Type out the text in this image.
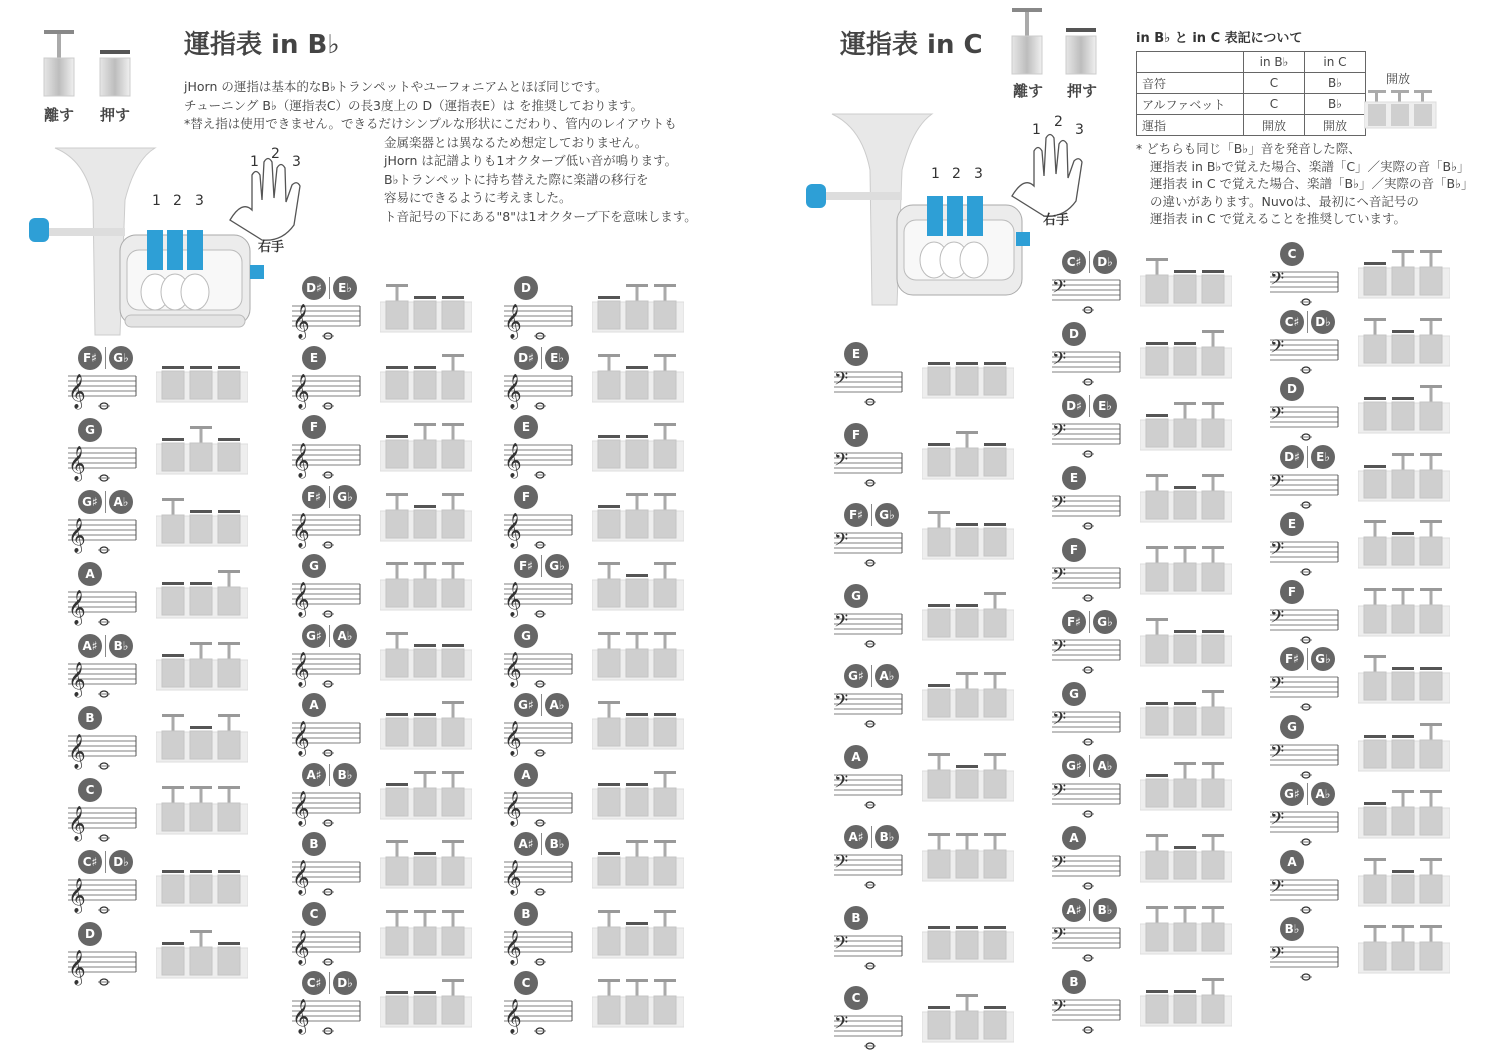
運指表 in B♭
離す	押す
jHorn の運指は基本的なB♭トランペットやユーフォニアムとほぼ同じです。
チューニング B♭（運指表C）の長3度上の D（運指表E）は を推奨しております。
*替え指は使用できません。できるだけシンプルな形状にこだわり、管内のレイアウトも
金属楽器とは異なるため想定しておりません。
jHorn は記譜よりも1オクターブ低い音が鳴ります。
B♭トランペットに持ち替えた際に楽譜の移行を
容易にできるように考えました。
ト音記号の下にある"8"は1オクターブ下を意味します。
1 2 3
1 2 3
右手
F♯	G♭
𝄞
G
𝄞
G♯	A♭
𝄞
A
𝄞
A♯	B♭
𝄞
B
𝄞
C
𝄞
C♯	D♭
𝄞
D
𝄞
D♯	E♭
𝄞
E
𝄞
F
𝄞
F♯	G♭
𝄞
G
𝄞
G♯	A♭
𝄞
A
𝄞
A♯	B♭
𝄞
B
𝄞
C
𝄞
C♯	D♭
𝄞
D
𝄞
D♯	E♭
𝄞
E
𝄞
F
𝄞
F♯	G♭
𝄞
G
𝄞
G♯	A♭
𝄞
A
𝄞
A♯	B♭
𝄞
B
𝄞
C
𝄞
運指表 in C
離す	押す
in B♭ と in C 表記について
	in B♭	in C
音符	C	B♭
アルファベット	C	B♭
運指	開放	開放
開放
* どちらも同じ「B♭」音を発音した際、
運指表 in B♭で覚えた場合、楽譜「C」／実際の音「B♭」
運指表 in C で覚えた場合、楽譜「B♭」／実際の音「B♭」
の違いがあります。Nuvoは、最初にヘ音記号の
運指表 in C で覚えることを推奨しています。
1 2 3
1 2 3
右手
E
𝄢
F
𝄢
F♯	G♭
𝄢
G
𝄢
G♯	A♭
𝄢
A
𝄢
A♯	B♭
𝄢
B
𝄢
C
𝄢
C♯	D♭
𝄢
D
𝄢
D♯	E♭
𝄢
E
𝄢
F
𝄢
F♯	G♭
𝄢
G
𝄢
G♯	A♭
𝄢
A
𝄢
A♯	B♭
𝄢
B
𝄢
C
𝄢
C♯	D♭
𝄢
D
𝄢
D♯	E♭
𝄢
E
𝄢
F
𝄢
F♯	G♭
𝄢
G
𝄢
G♯	A♭
𝄢
A
𝄢
B♭
𝄢
